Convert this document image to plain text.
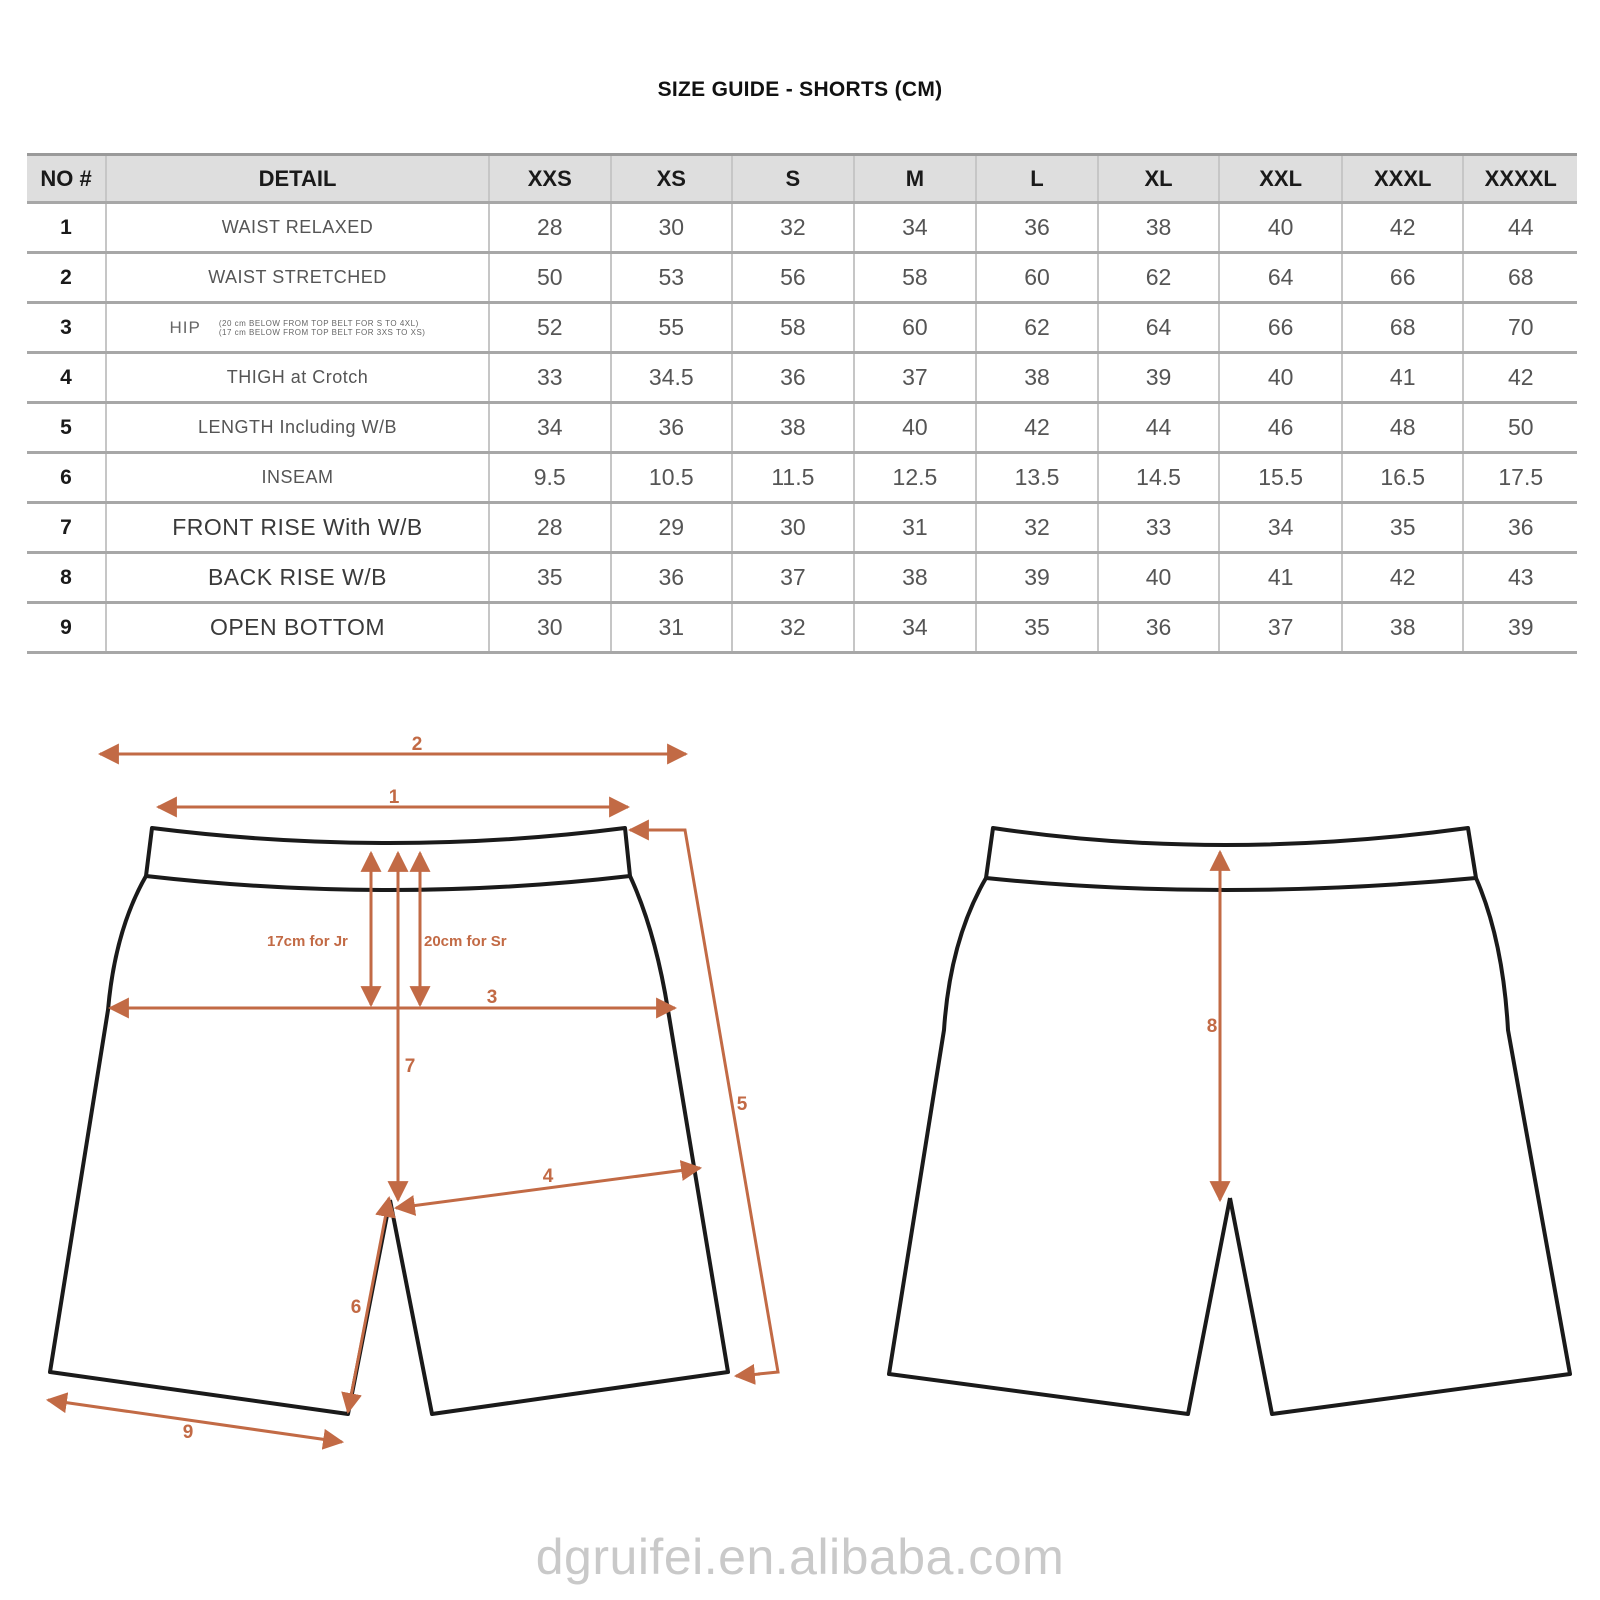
SIZE GUIDE - SHORTS (CM)
NO #	DETAIL	XXS	XS	S	M	L	XL	XXL	XXXL	XXXXL
1	WAIST RELAXED	28	30	32	34	36	38	40	42	44
2	WAIST STRETCHED	50	53	56	58	60	62	64	66	68
3	HIP (20 cm BELOW FROM TOP BELT FOR S TO 4XL)
(17 cm BELOW FROM TOP BELT FOR 3XS TO XS)	52	55	58	60	62	64	66	68	70
4	THIGH at Crotch	33	34.5	36	37	38	39	40	41	42
5	LENGTH Including W/B	34	36	38	40	42	44	46	48	50
6	INSEAM	9.5	10.5	11.5	12.5	13.5	14.5	15.5	16.5	17.5
7	FRONT RISE With W/B	28	29	30	31	32	33	34	35	36
8	BACK RISE W/B	35	36	37	38	39	40	41	42	43
9	OPEN BOTTOM	30	31	32	34	35	36	37	38	39
2
1
3
7
5
4
6
9
8
17cm for Jr	20cm for Sr
dgruifei.en.alibaba.com
